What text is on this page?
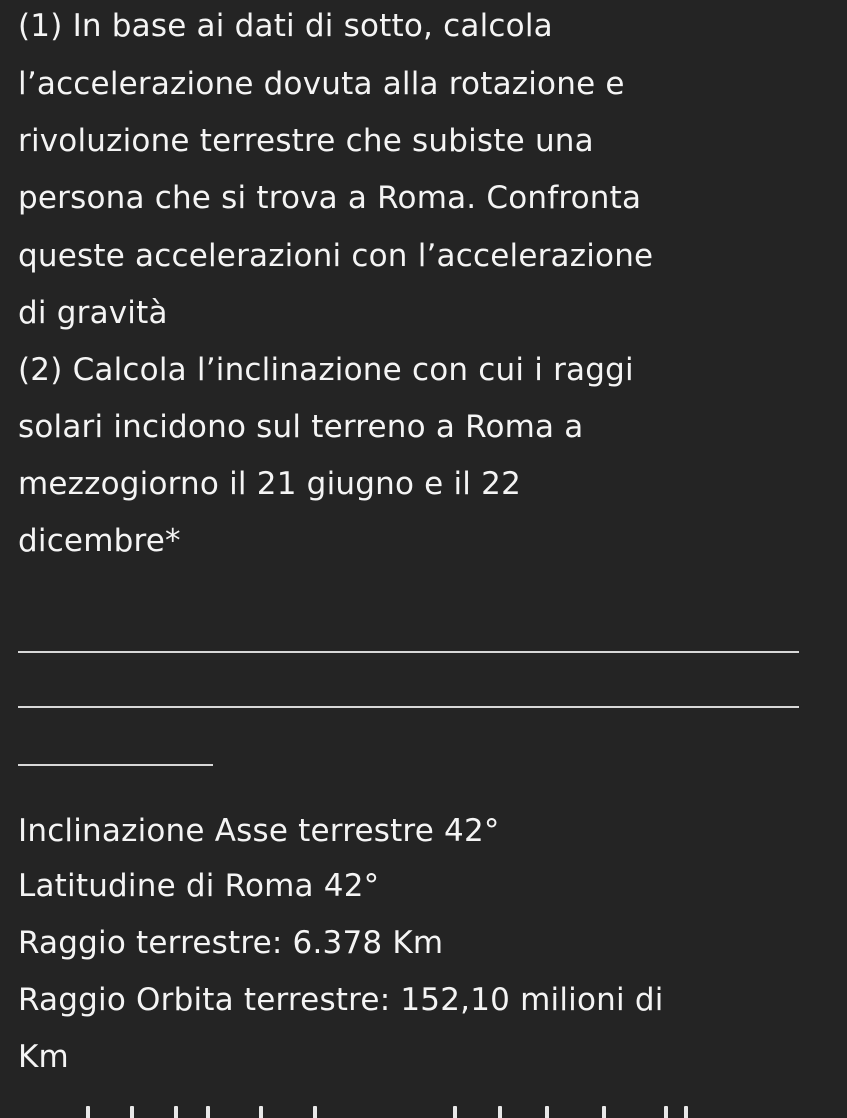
(1) In base ai dati di sotto, calcola
l’accelerazione dovuta alla rotazione e
rivoluzione terrestre che subiste una
persona che si trova a Roma. Confronta
queste accelerazioni con l’accelerazione
di gravità
(2) Calcola l’inclinazione con cui i raggi
solari incidono sul terreno a Roma a
mezzogiorno il 21 giugno e il 22
dicembre*
Inclinazione Asse terrestre 42°
Latitudine di Roma 42°
Raggio terrestre: 6.378 Km
Raggio Orbita terrestre: 152,10 milioni di
Km
